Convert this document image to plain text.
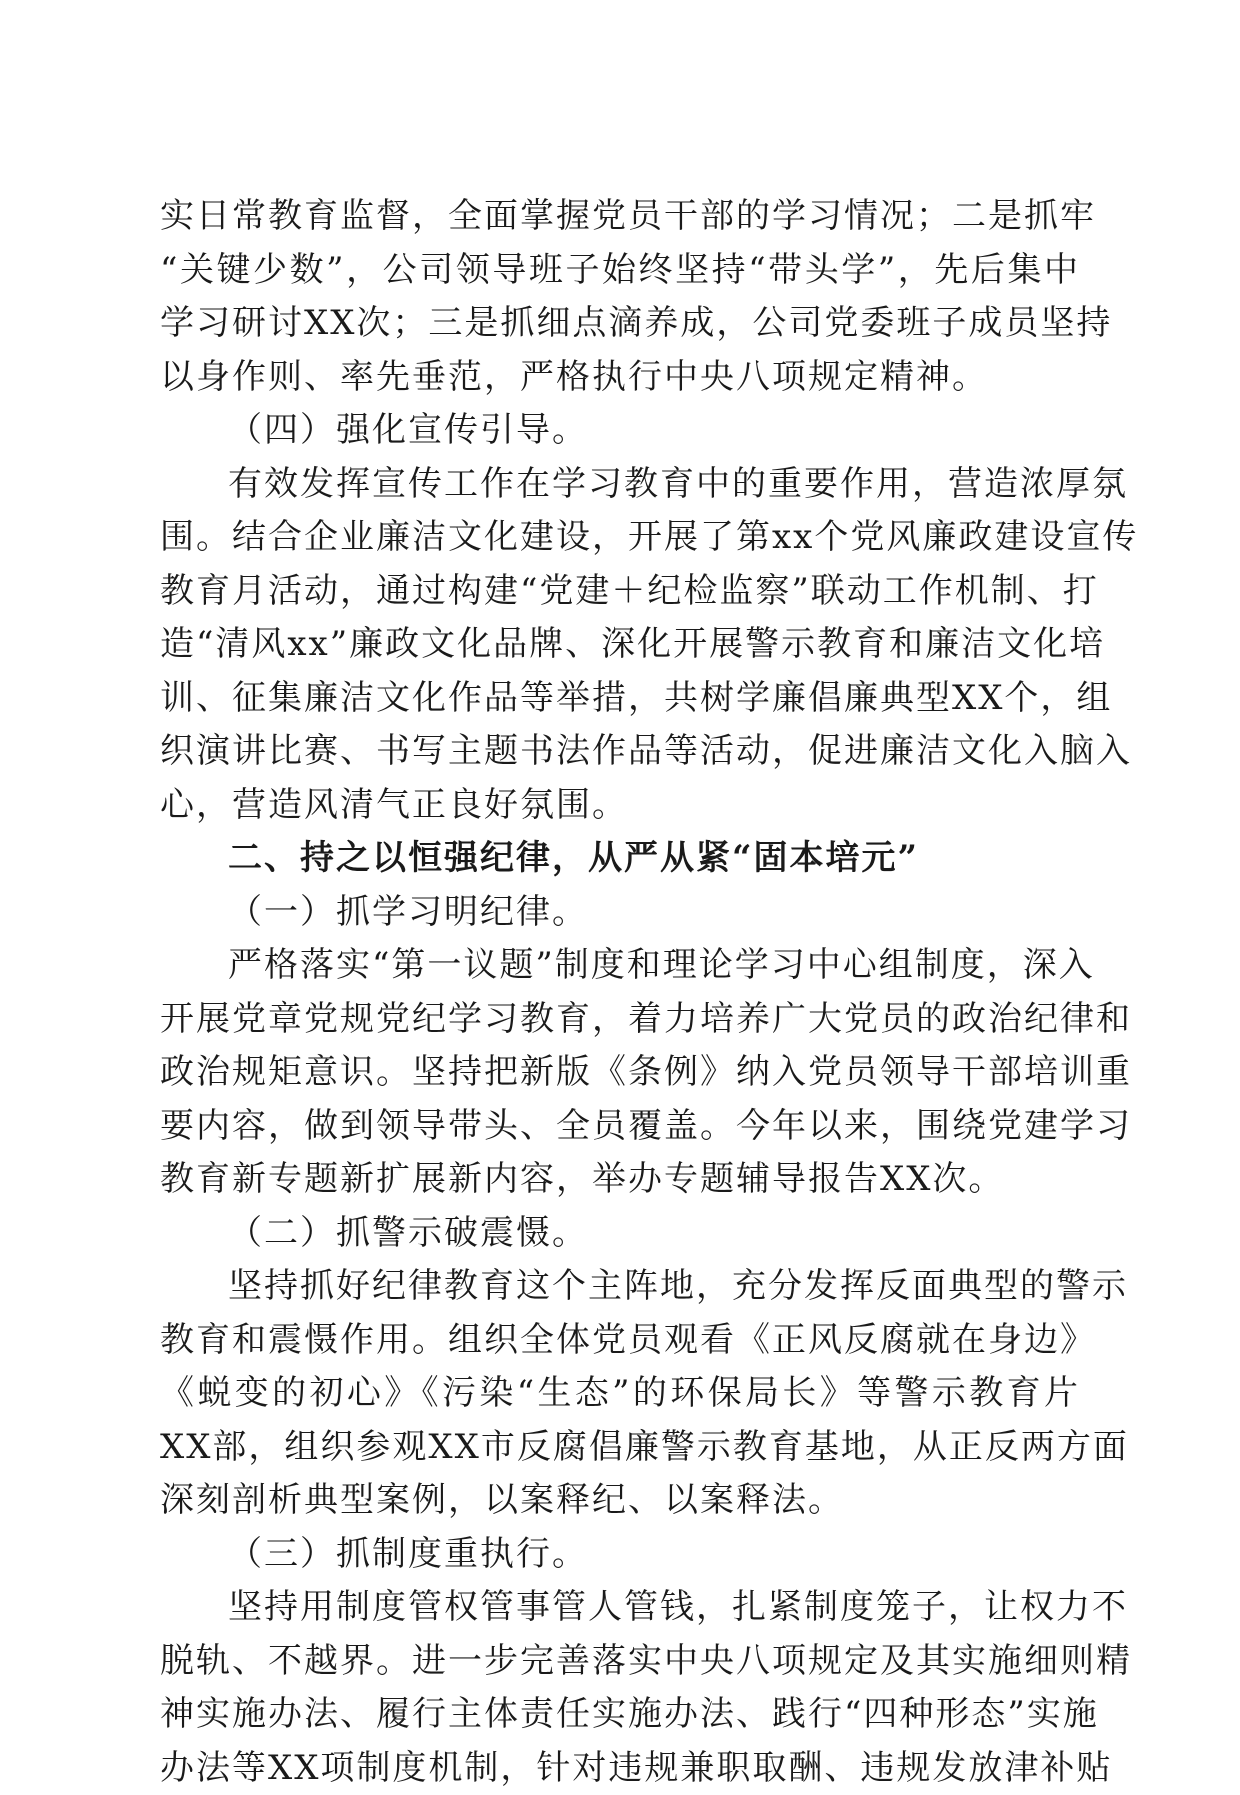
实日常教育监督，全面掌握党员干部的学习情况；二是抓牢
“关键少数”，公司领导班子始终坚持“带头学”，先后集中
学习研讨XX次；三是抓细点滴养成，公司党委班子成员坚持
以身作则、率先垂范，严格执行中央八项规定精神。
（四）强化宣传引导。
有效发挥宣传工作在学习教育中的重要作用，营造浓厚氛
围。结合企业廉洁文化建设，开展了第xx个党风廉政建设宣传
教育月活动，通过构建“党建＋纪检监察”联动工作机制、打
造“清风xx”廉政文化品牌、深化开展警示教育和廉洁文化培
训、征集廉洁文化作品等举措，共树学廉倡廉典型XX个，组
织演讲比赛、书写主题书法作品等活动，促进廉洁文化入脑入
心，营造风清气正良好氛围。
二、持之以恒强纪律，从严从紧“固本培元”
（一）抓学习明纪律。
严格落实“第一议题”制度和理论学习中心组制度，深入
开展党章党规党纪学习教育，着力培养广大党员的政治纪律和
政治规矩意识。坚持把新版《条例》纳入党员领导干部培训重
要内容，做到领导带头、全员覆盖。今年以来，围绕党建学习
教育新专题新扩展新内容，举办专题辅导报告XX次。
（二）抓警示破震慑。
坚持抓好纪律教育这个主阵地，充分发挥反面典型的警示
教育和震慑作用。组织全体党员观看《正风反腐就在身边》
《蜕变的初心》《污染“生态”的环保局长》等警示教育片
XX部，组织参观XX市反腐倡廉警示教育基地，从正反两方面
深刻剖析典型案例，以案释纪、以案释法。
（三）抓制度重执行。
坚持用制度管权管事管人管钱，扎紧制度笼子，让权力不
脱轨、不越界。进一步完善落实中央八项规定及其实施细则精
神实施办法、履行主体责任实施办法、践行“四种形态”实施
办法等XX项制度机制，针对违规兼职取酬、违规发放津补贴
